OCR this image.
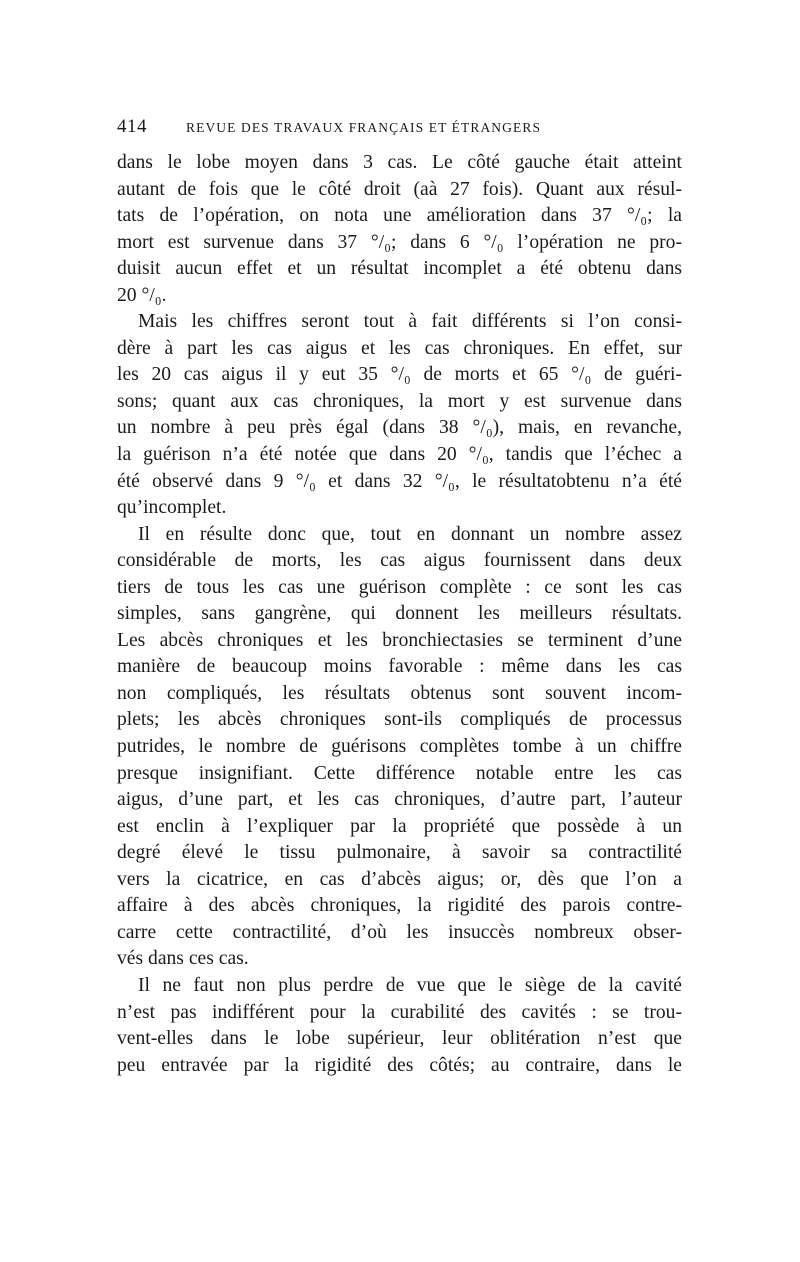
414	REVUE DES TRAVAUX FRANÇAIS ET ÉTRANGERS
dans le lobe moyen dans 3 cas. Le côté gauche était atteint
autant de fois que le côté droit (aà 27 fois). Quant aux résul-
tats de l’opération, on nota une amélioration dans 37 °/₀; la
mort est survenue dans 37 °/₀; dans 6 °/₀ l’opération ne pro-
duisit aucun effet et un résultat incomplet a été obtenu dans
20 °/₀.
Mais les chiffres seront tout à fait différents si l’on consi-
dère à part les cas aigus et les cas chroniques. En effet, sur
les 20 cas aigus il y eut 35 °/₀ de morts et 65 °/₀ de guéri-
sons; quant aux cas chroniques, la mort y est survenue dans
un nombre à peu près égal (dans 38 °/₀), mais, en revanche,
la guérison n’a été notée que dans 20 °/₀, tandis que l’échec a
été observé dans 9 °/₀ et dans 32 °/₀, le résultatobtenu n’a été
qu’incomplet.
Il en résulte donc que, tout en donnant un nombre assez
considérable de morts, les cas aigus fournissent dans deux
tiers de tous les cas une guérison complète : ce sont les cas
simples, sans gangrène, qui donnent les meilleurs résultats.
Les abcès chroniques et les bronchiectasies se terminent d’une
manière de beaucoup moins favorable : même dans les cas
non compliqués, les résultats obtenus sont souvent incom-
plets; les abcès chroniques sont-ils compliqués de processus
putrides, le nombre de guérisons complètes tombe à un chiffre
presque insignifiant. Cette différence notable entre les cas
aigus, d’une part, et les cas chroniques, d’autre part, l’auteur
est enclin à l’expliquer par la propriété que possède à un
degré élevé le tissu pulmonaire, à savoir sa contractilité
vers la cicatrice, en cas d’abcès aigus; or, dès que l’on a
affaire à des abcès chroniques, la rigidité des parois contre-
carre cette contractilité, d’où les insuccès nombreux obser-
vés dans ces cas.
Il ne faut non plus perdre de vue que le siège de la cavité
n’est pas indifférent pour la curabilité des cavités : se trou-
vent-elles dans le lobe supérieur, leur oblitération n’est que
peu entravée par la rigidité des côtés; au contraire, dans le
